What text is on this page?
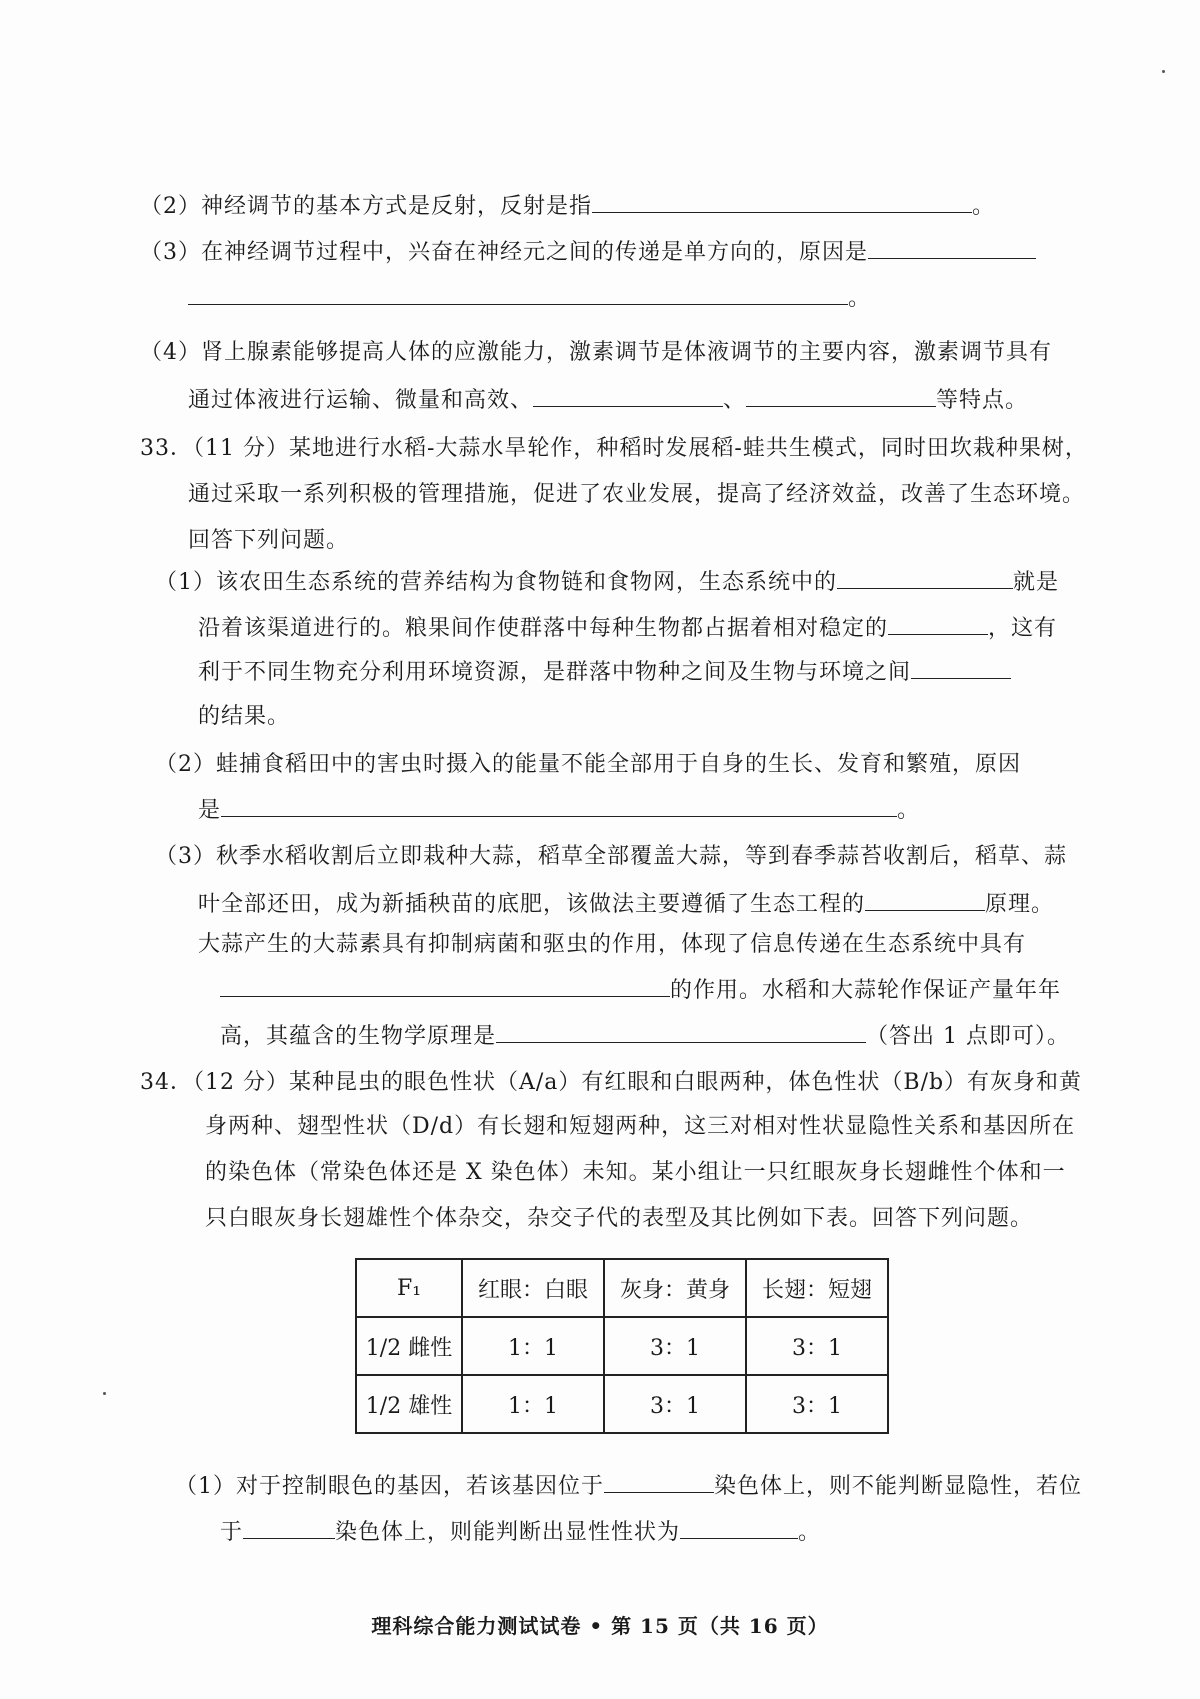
（2）神经调节的基本方式是反射，反射是指	。
（3）在神经调节过程中，兴奋在神经元之间的传递是单方向的，原因是
。
（4）肾上腺素能够提高人体的应激能力，激素调节是体液调节的主要内容，激素调节具有
通过体液进行运输、微量和高效、	、	等特点。
33．（11 分）某地进行水稻-大蒜水旱轮作，种稻时发展稻-蛙共生模式，同时田坎栽种果树，
通过采取一系列积极的管理措施，促进了农业发展，提高了经济效益，改善了生态环境。
回答下列问题。
（1）该农田生态系统的营养结构为食物链和食物网，生态系统中的	就是
沿着该渠道进行的。粮果间作使群落中每种生物都占据着相对稳定的	，这有
利于不同生物充分利用环境资源，是群落中物种之间及生物与环境之间
的结果。
（2）蛙捕食稻田中的害虫时摄入的能量不能全部用于自身的生长、发育和繁殖，原因
是	。
（3）秋季水稻收割后立即栽种大蒜，稻草全部覆盖大蒜，等到春季蒜苔收割后，稻草、蒜
叶全部还田，成为新插秧苗的底肥，该做法主要遵循了生态工程的	原理。
大蒜产生的大蒜素具有抑制病菌和驱虫的作用，体现了信息传递在生态系统中具有
的作用。水稻和大蒜轮作保证产量年年
高，其蕴含的生物学原理是	（答出 1 点即可）。
34．（12 分）某种昆虫的眼色性状（A/a）有红眼和白眼两种，体色性状（B/b）有灰身和黄
身两种、翅型性状（D/d）有长翅和短翅两种，这三对相对性状显隐性关系和基因所在
的染色体（常染色体还是 X 染色体）未知。某小组让一只红眼灰身长翅雌性个体和一
只白眼灰身长翅雄性个体杂交，杂交子代的表型及其比例如下表。回答下列问题。
F₁	红眼：白眼	灰身：黄身	长翅：短翅
1/2 雌性	1：1	3：1	3：1
1/2 雄性	1：1	3：1	3：1
（1）对于控制眼色的基因，若该基因位于	染色体上，则不能判断显隐性，若位
于	染色体上，则能判断出显性性状为	。
理科综合能力测试试卷 • 第 15 页（共 16 页）
